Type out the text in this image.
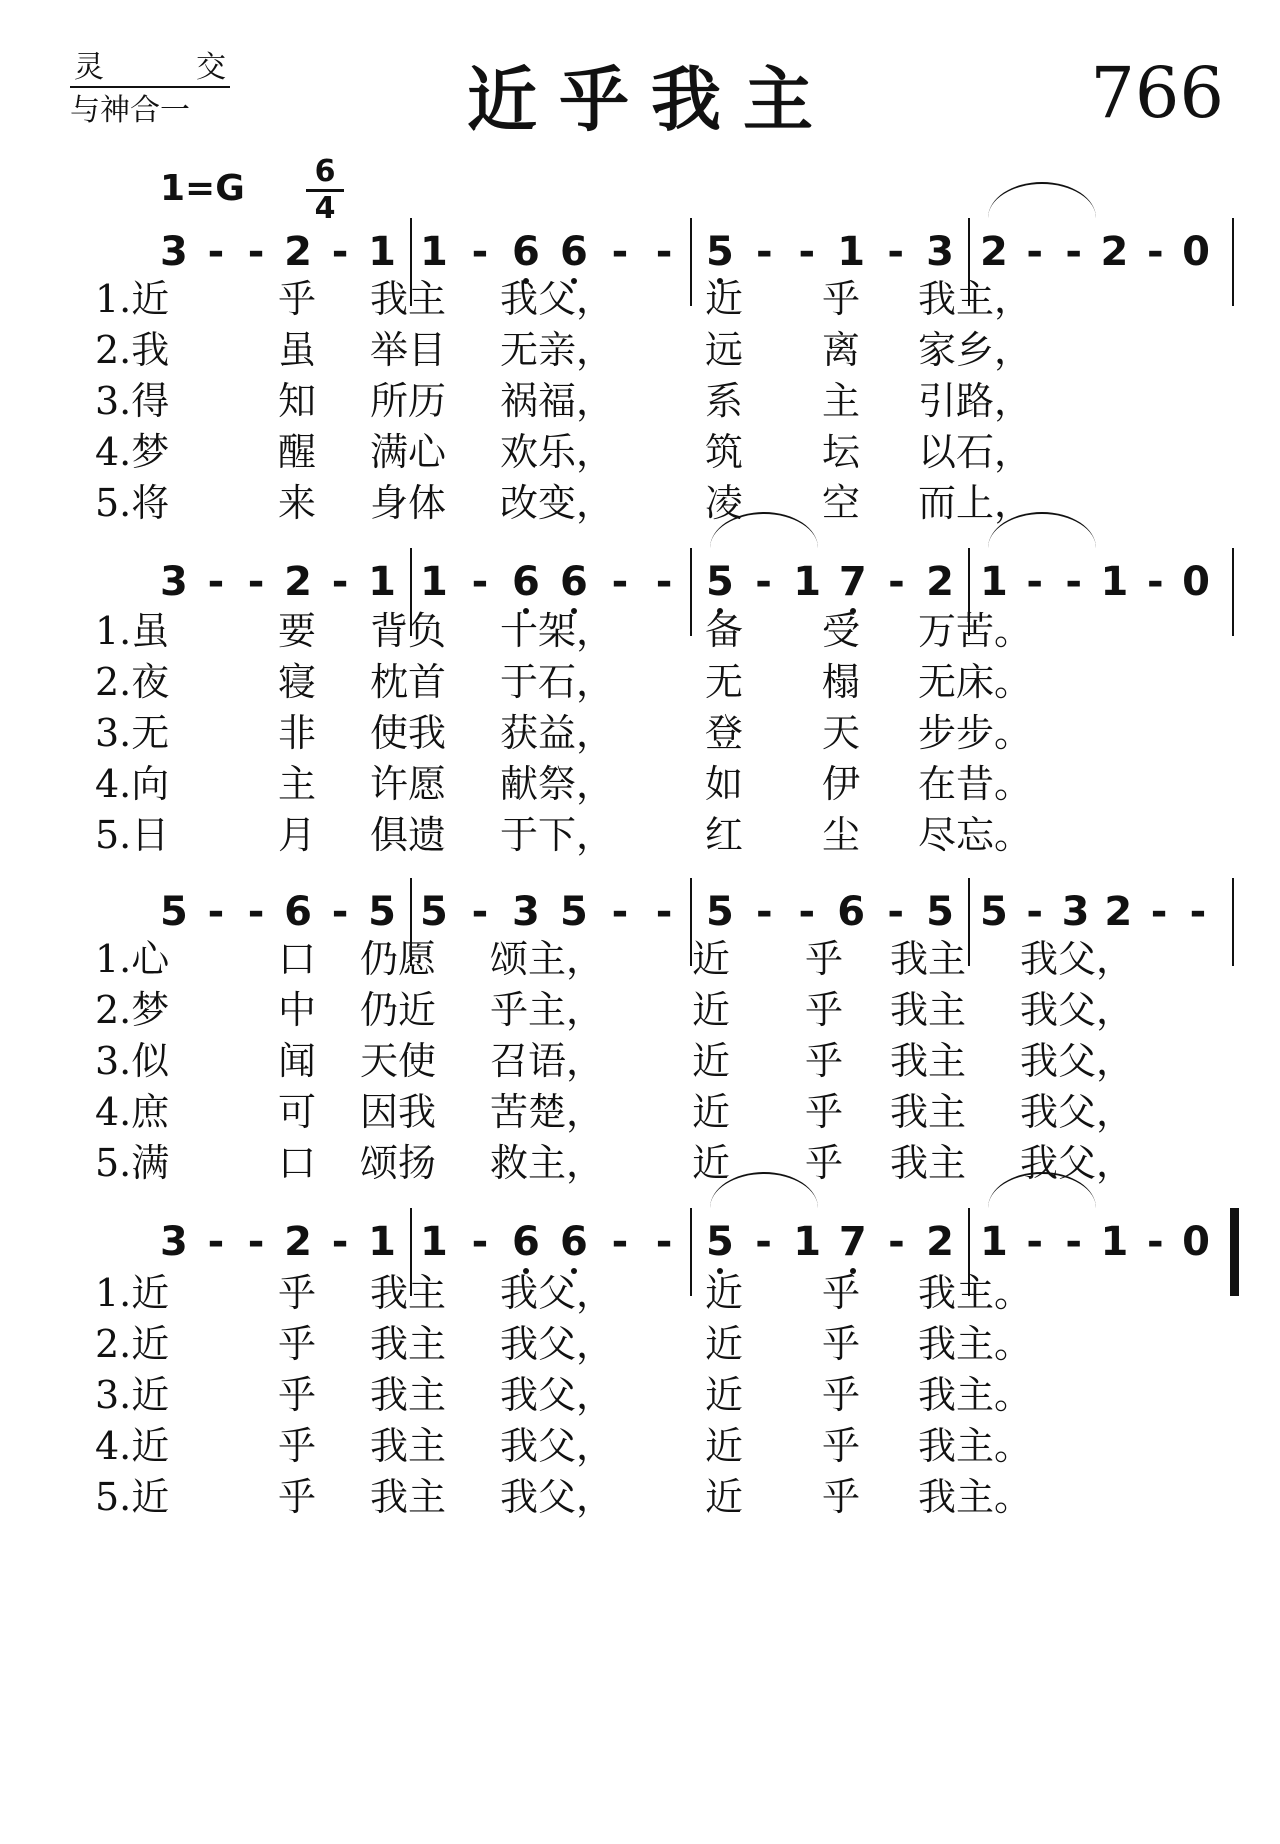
灵	交
与神合一	近乎我主	766
1=G 6
4
3 - - 2 - 1 1 - 6 6 - - 5 - - 1 - 3 2 - - 2 - 0
1.近	乎 我主 我父， 近 乎 我主，
2.我	虽 举目 无亲， 远 离 家乡，
3.得	知 所历 祸福， 系 主 引路，
4.梦	醒 满心 欢乐， 筑 坛 以石，
5.将	来 身体 改变， 凌 空 而上，
3 - - 2 - 1 1 - 6 6 - - 5 - 1 7 - 2 1 - - 1 - 0
1.虽	要 背负 十架， 备 受 万苦。
2.夜	寝 枕首 于石， 无 榻 无床。
3.无	非 使我 获益， 登 天 步步。
4.向	主 许愿 献祭， 如 伊 在昔。
5.日	月 俱遗 于下， 红 尘 尽忘。
5 - - 6 - 5 5 - 3 5 - - 5 - - 6 - 5 5 - 3 2 - -
1.心	口 仍愿 颂主， 近 乎 我主 我父，
2.梦	中 仍近 乎主， 近 乎 我主 我父，
3.似	闻 天使 召语， 近 乎 我主 我父，
4.庶	可 因我 苦楚， 近 乎 我主 我父，
5.满	口 颂扬 救主， 近 乎 我主 我父，
3 - - 2 - 1 1 - 6 6 - - 5 - 1 7 - 2 1 - - 1 - 0
1.近	乎 我主 我父， 近 乎 我主。
2.近	乎 我主 我父， 近 乎 我主。
3.近	乎 我主 我父， 近 乎 我主。
4.近	乎 我主 我父， 近 乎 我主。
5.近	乎 我主 我父， 近 乎 我主。
